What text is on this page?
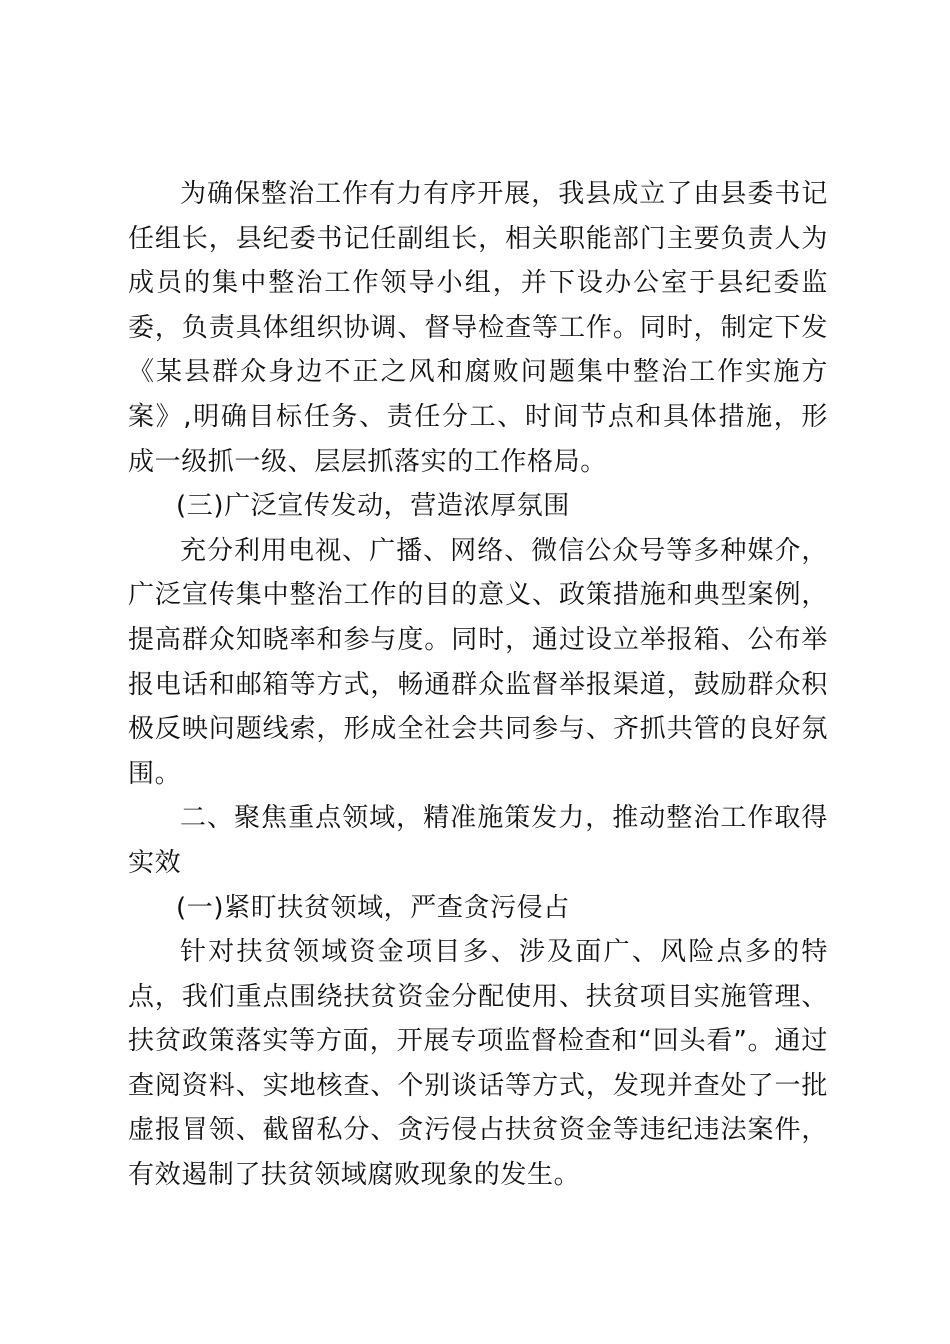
为确保整治工作有力有序开展，我县成立了由县委书记任组长，县纪委书记任副组长，相关职能部门主要负责人为成员的集中整治工作领导小组，并下设办公室于县纪委监委，负责具体组织协调、督导检查等工作。同时，制定下发《某县群众身边不正之风和腐败问题集中整治工作实施方案》,明确目标任务、责任分工、时间节点和具体措施，形成一级抓一级、层层抓落实的工作格局。

(三)广泛宣传发动，营造浓厚氛围

充分利用电视、广播、网络、微信公众号等多种媒介，广泛宣传集中整治工作的目的意义、政策措施和典型案例，提高群众知晓率和参与度。同时，通过设立举报箱、公布举报电话和邮箱等方式，畅通群众监督举报渠道，鼓励群众积极反映问题线索，形成全社会共同参与、齐抓共管的良好氛围。

二、聚焦重点领域，精准施策发力，推动整治工作取得实效

(一)紧盯扶贫领域，严查贪污侵占

针对扶贫领域资金项目多、涉及面广、风险点多的特点，我们重点围绕扶贫资金分配使用、扶贫项目实施管理、扶贫政策落实等方面，开展专项监督检查和“回头看”。通过查阅资料、实地核查、个别谈话等方式，发现并查处了一批虚报冒领、截留私分、贪污侵占扶贫资金等违纪违法案件，有效遏制了扶贫领域腐败现象的发生。
